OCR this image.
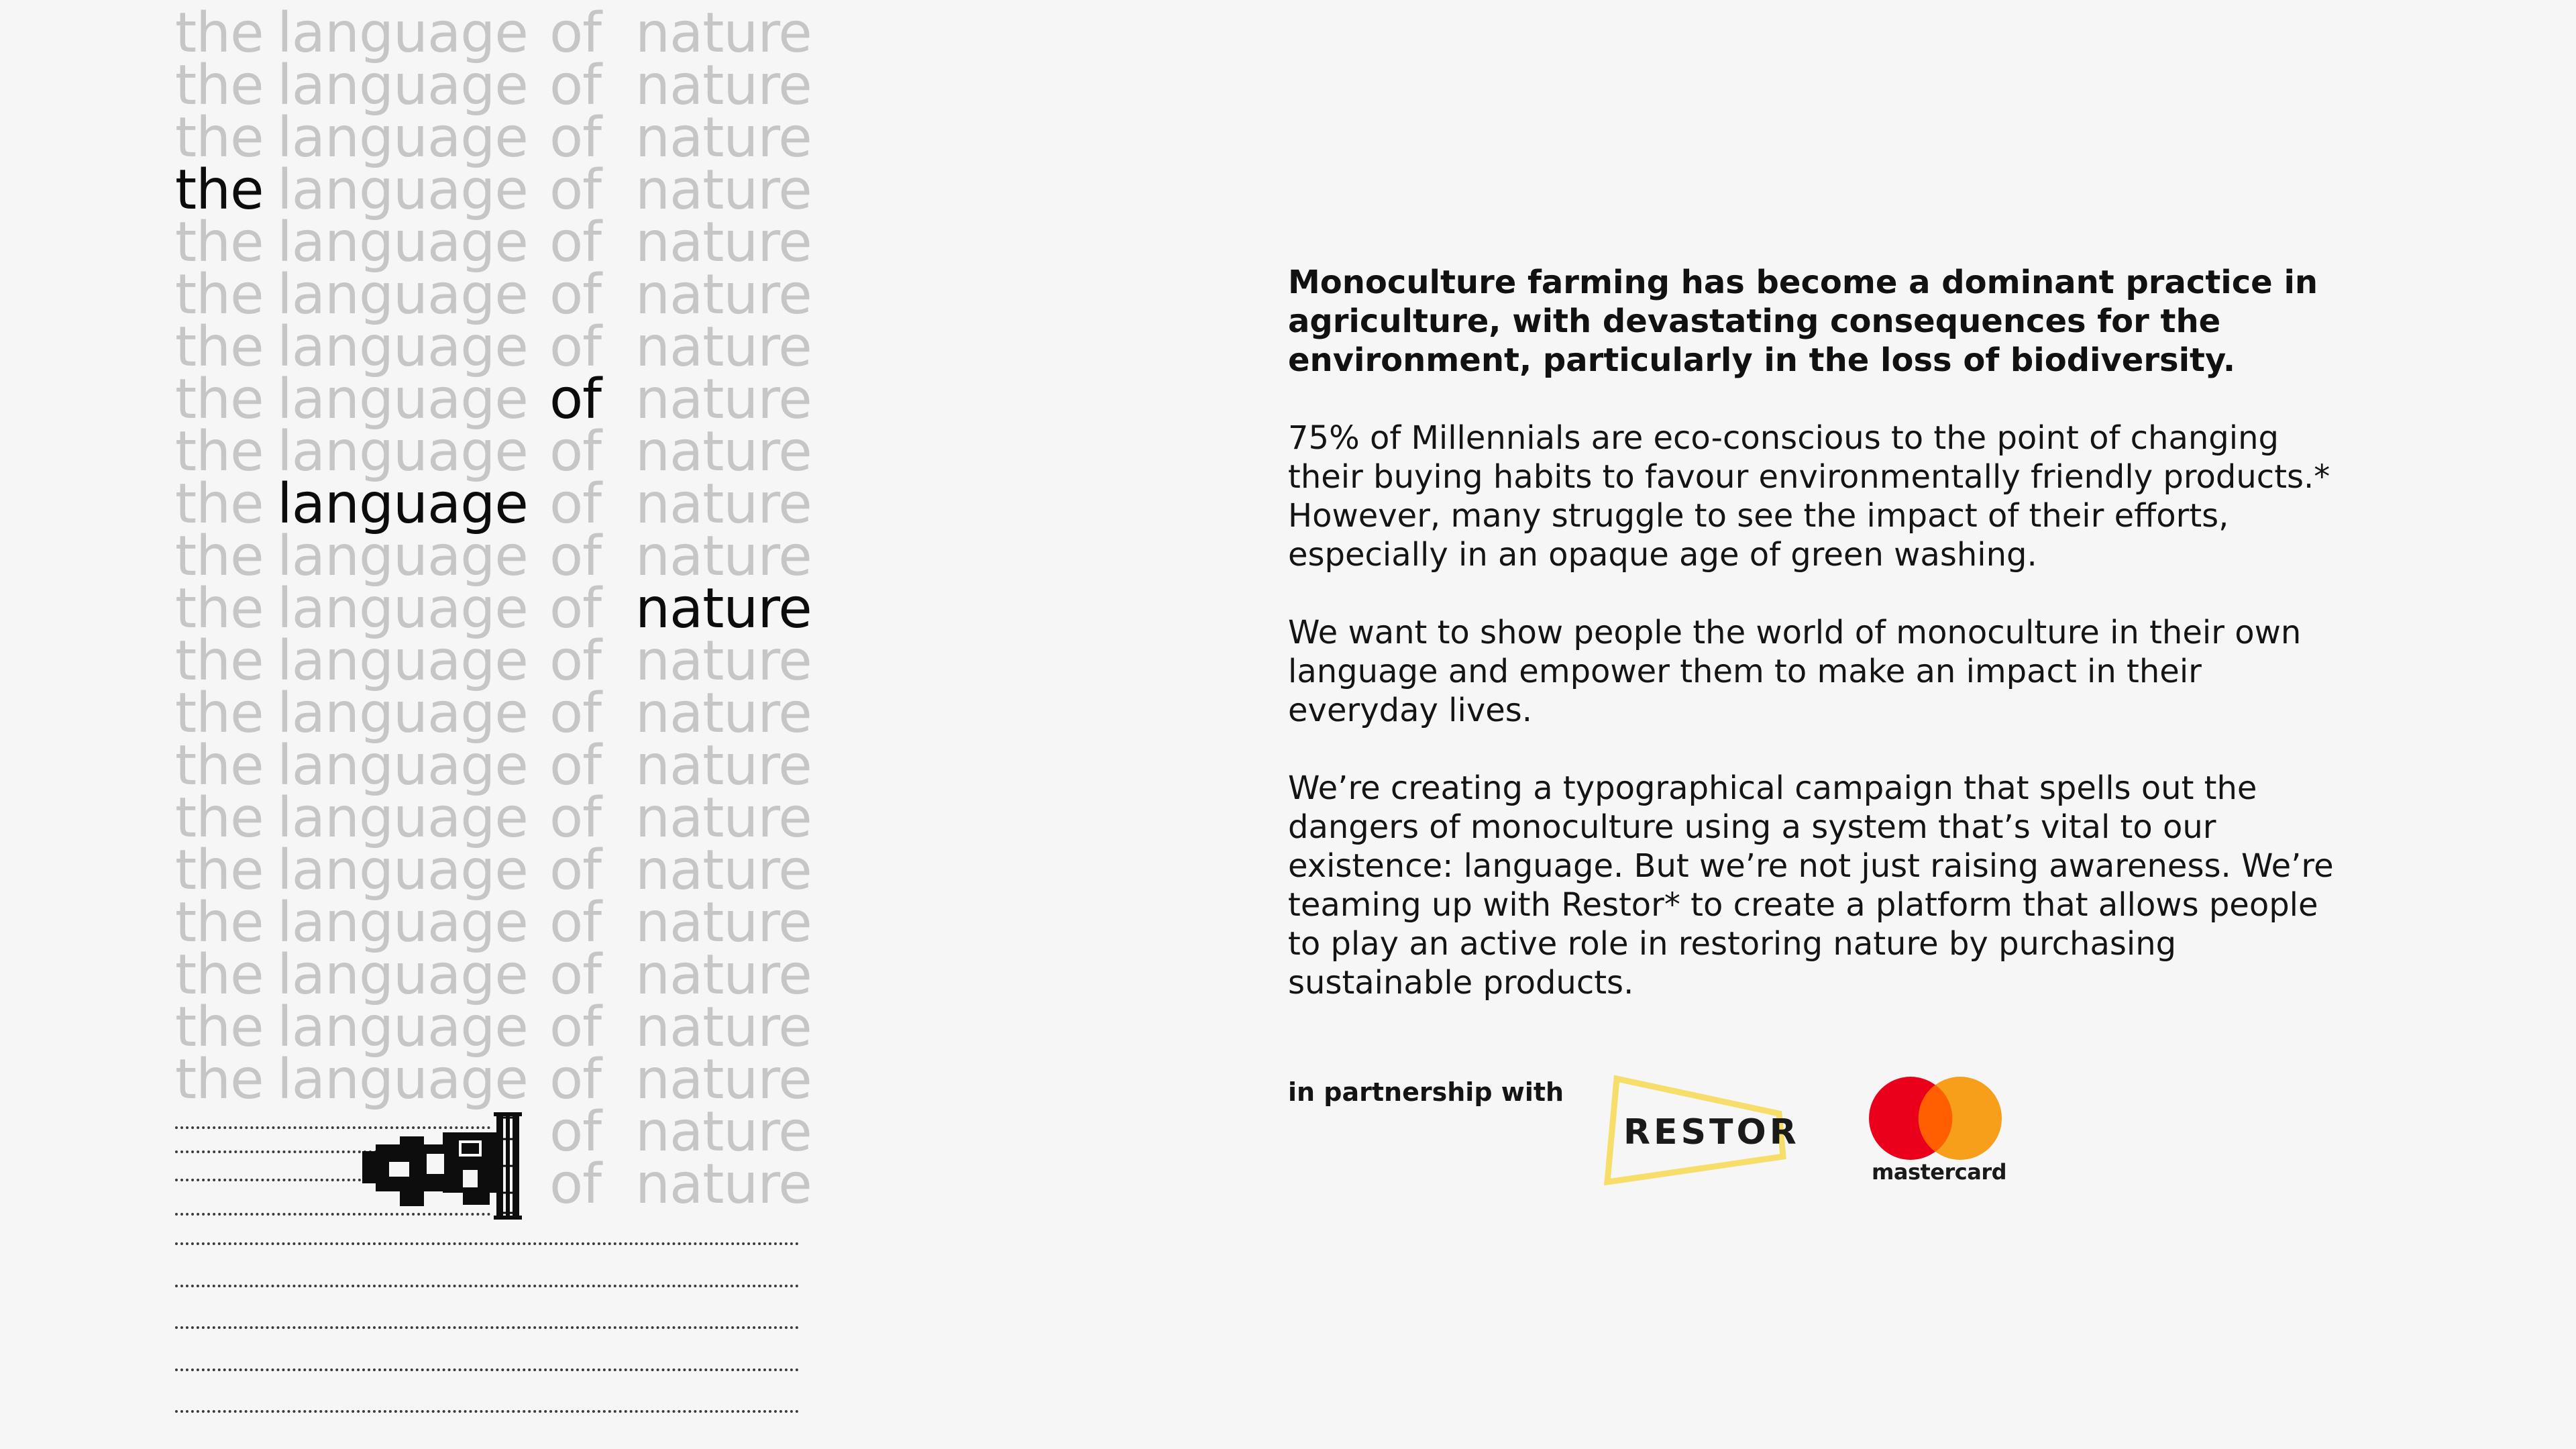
the language of nature
the language of nature
the language of nature
the language of nature
the language of nature
the language of nature
the language of nature
the language of nature
the language of nature
the language of nature
the language of nature
the language of nature
the language of nature
the language of nature
the language of nature
the language of nature
the language of nature
the language of nature
the language of nature
the language of nature
the language of nature
of nature
of nature

Monoculture farming has become a dominant practice in agriculture, with devastating consequences for the environment, particularly in the loss of biodiversity.

75% of Millennials are eco-conscious to the point of changing their buying habits to favour environmentally friendly products.* However, many struggle to see the impact of their efforts, especially in an opaque age of green washing.

We want to show people the world of monoculture in their own language and empower them to make an impact in their everyday lives.

We’re creating a typographical campaign that spells out the dangers of monoculture using a system that’s vital to our existence: language. But we’re not just raising awareness. We’re teaming up with Restor* to create a platform that allows people to play an active role in restoring nature by purchasing sustainable products.

in partnership with
RESTOR
mastercard
